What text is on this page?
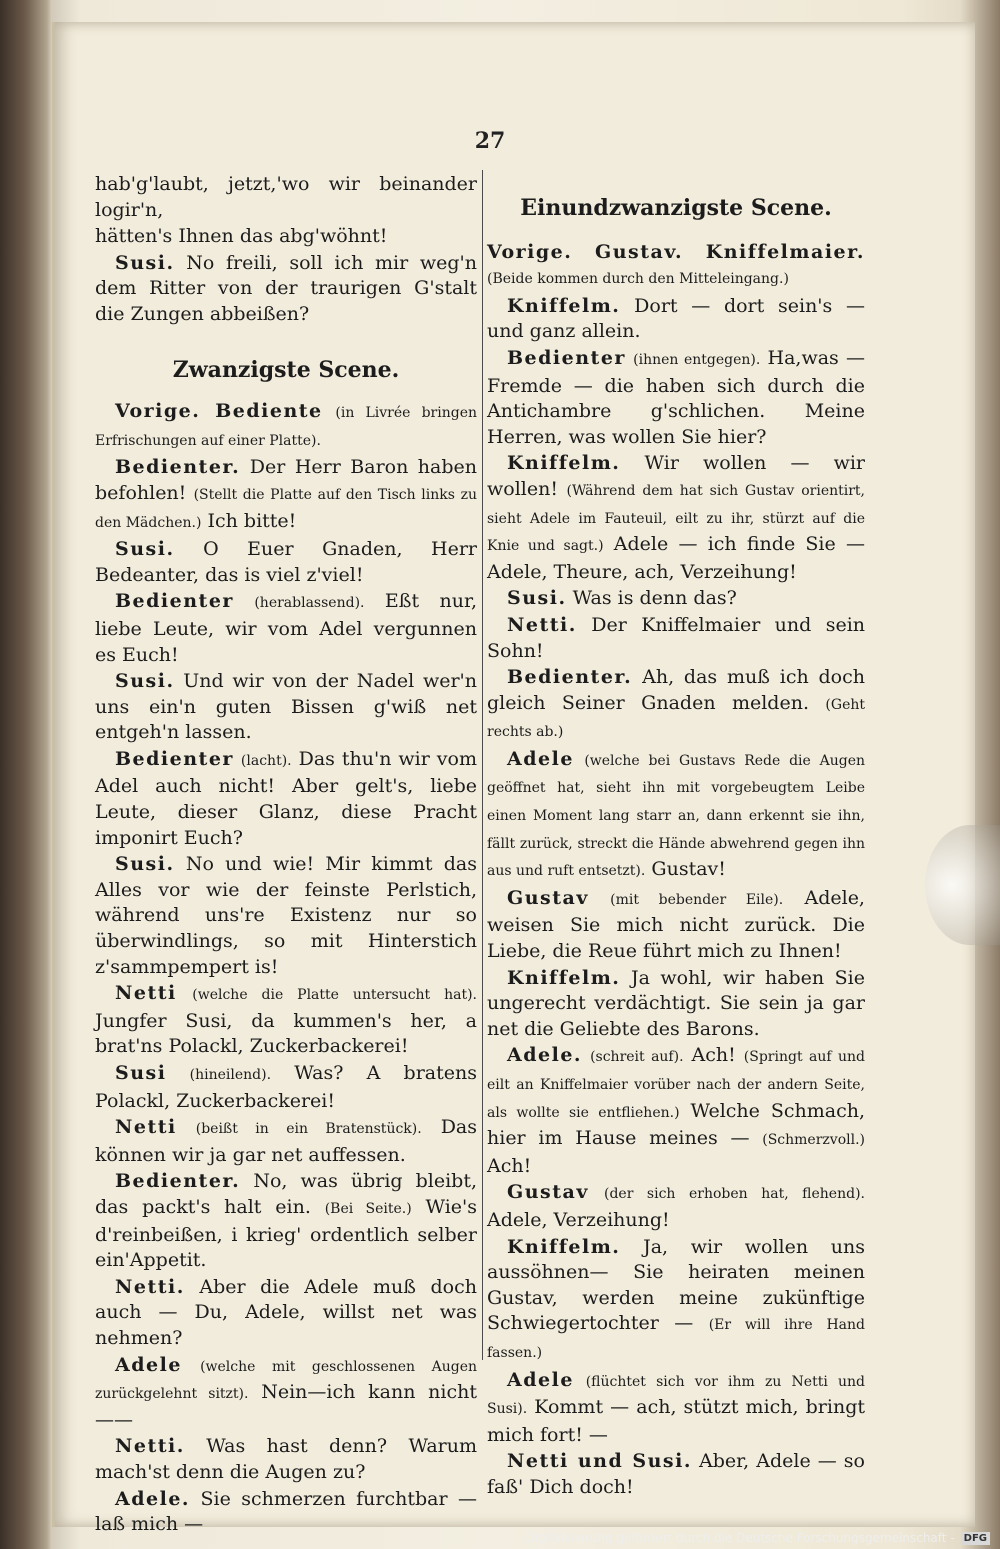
27

hab'g'laubt, jetzt,'wo wir beinander logir'n,

hätten's Ihnen das abg'wöhnt!

Susi. No freili, soll ich mir weg'n dem Ritter von der traurigen G'stalt die Zungen abbeißen?

Zwanzigste Scene.

Vorige. Bediente (in Livrée bringen Erfrischungen auf einer Platte).

Bedienter. Der Herr Baron haben befohlen! (Stellt die Platte auf den Tisch links zu den Mädchen.) Ich bitte!

Susi. O Euer Gnaden, Herr Bedeanter, das is viel z'viel!

Bedienter (herablassend). Eßt nur, liebe Leute, wir vom Adel vergunnen es Euch!

Susi. Und wir von der Nadel wer'n uns ein'n guten Bissen g'wiß net entgeh'n lassen.

Bedienter (lacht). Das thu'n wir vom Adel auch nicht! Aber gelt's, liebe Leute, dieser Glanz, diese Pracht imponirt Euch?

Susi. No und wie! Mir kimmt das Alles vor wie der feinste Perlstich, während uns're Existenz nur so überwindlings, so mit Hinterstich z'sammpempert is!

Netti (welche die Platte untersucht hat). Jungfer Susi, da kummen's her, a brat'ns Polackl, Zuckerbackerei!

Susi (hineilend). Was? A bratens Polackl, Zuckerbackerei!

Netti (beißt in ein Bratenstück). Das können wir ja gar net auffessen.

Bedienter. No, was übrig bleibt, das packt's halt ein. (Bei Seite.) Wie's d'reinbeißen, i krieg' ordentlich selber ein'Appetit.

Netti. Aber die Adele muß doch auch — Du, Adele, willst net was nehmen?

Adele (welche mit geschlossenen Augen zurückgelehnt sitzt). Nein—ich kann nicht——

Netti. Was hast denn? Warum mach'st denn die Augen zu?

Adele. Sie schmerzen furchtbar — laß mich —

Einundzwanzigste Scene.

Vorige. Gustav. Kniffelmaier. (Beide kommen durch den Mitteleingang.)

Kniffelm. Dort — dort sein's — und ganz allein.

Bedienter (ihnen entgegen). Ha,was — Fremde — die haben sich durch die Antichambre g'schlichen. Meine Herren, was wollen Sie hier?

Kniffelm. Wir wollen — wir wollen! (Während dem hat sich Gustav orientirt, sieht Adele im Fauteuil, eilt zu ihr, stürzt auf die Knie und sagt.) Adele — ich finde Sie — Adele, Theure, ach, Verzeihung!

Susi. Was is denn das?

Netti. Der Kniffelmaier und sein Sohn!

Bedienter. Ah, das muß ich doch gleich Seiner Gnaden melden. (Geht rechts ab.)

Adele (welche bei Gustavs Rede die Augen geöffnet hat, sieht ihn mit vorgebeugtem Leibe einen Moment lang starr an, dann erkennt sie ihn, fällt zurück, streckt die Hände abwehrend gegen ihn aus und ruft entsetzt). Gustav!

Gustav (mit bebender Eile). Adele, weisen Sie mich nicht zurück. Die Liebe, die Reue führt mich zu Ihnen!

Kniffelm. Ja wohl, wir haben Sie ungerecht verdächtigt. Sie sein ja gar net die Geliebte des Barons.

Adele. (schreit auf). Ach! (Springt auf und eilt an Kniffelmaier vorüber nach der andern Seite, als wollte sie entfliehen.) Welche Schmach, hier im Hause meines — (Schmerzvoll.) Ach!

Gustav (der sich erhoben hat, flehend). Adele, Verzeihung!

Kniffelm. Ja, wir wollen uns aussöhnen— Sie heiraten meinen Gustav, werden meine zukünftige Schwiegertochter — (Er will ihre Hand fassen.)

Adele (flüchtet sich vor ihm zu Netti und Susi). Kommt — ach, stützt mich, bringt mich fort! —

Netti und Susi. Aber, Adele — so faß' Dich doch!

Digitalisierung gefördert durch die Deutsche Forschungsgemeinschaft - DFG
